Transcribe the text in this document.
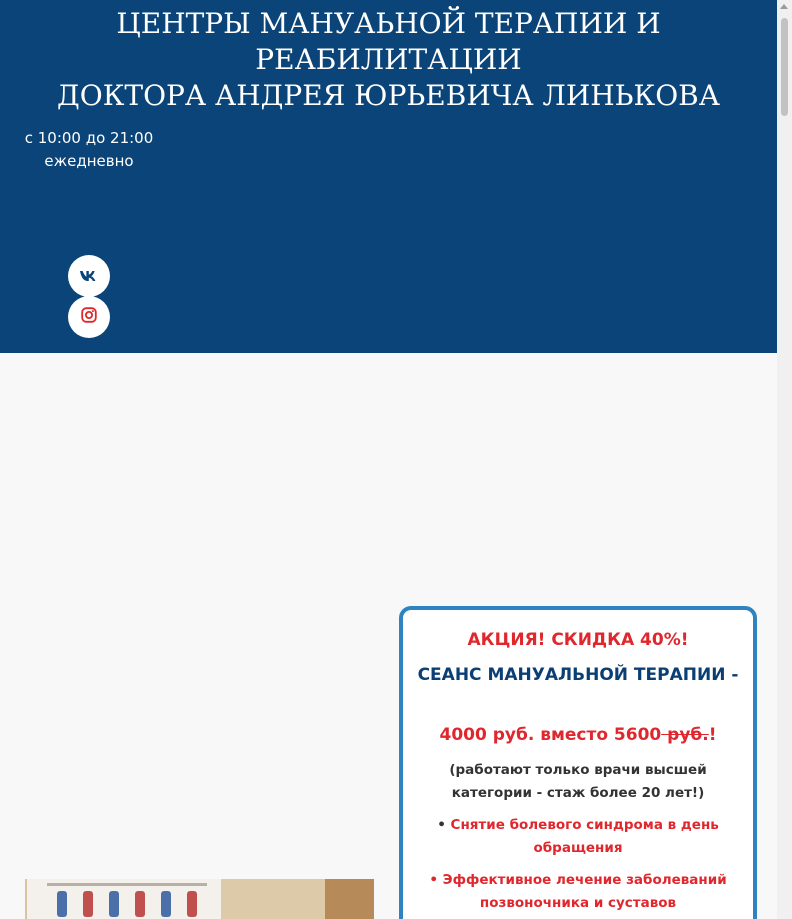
ЦЕНТРЫ МАНУАЬНОЙ ТЕРАПИИ И
РЕАБИЛИТАЦИИ
ДОКТОРА АНДРЕЯ ЮРЬЕВИЧА ЛИНЬКОВА
с 10:00 до 21:00
ежедневно
АКЦИЯ! СКИДКА 40%!
СЕАНС МАНУАЛЬНОЙ ТЕРАПИИ -
4000 руб. вместо 5600 руб.!
(работают только врачи высшей категории - стаж более 20 лет!)
• Снятие болевого синдрома в день обращения
• Эффективное лечение заболеваний позвоночника и суставов
